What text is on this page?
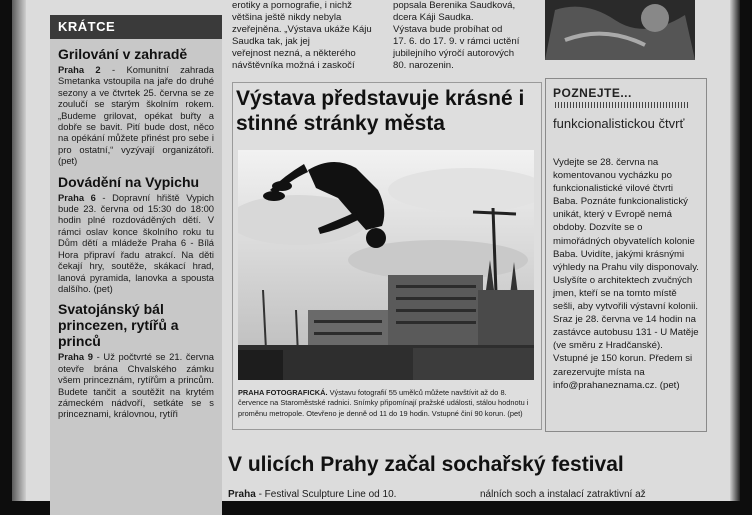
erotiky a pornografie, i nichž
většina ještě nikdy nebyla
zveřejněna. „Výstava ukáže Káju Saudka tak, jak jej
veřejnost nezná, a některého
návštěvníka možná i zaskočí
popsala Berenika Saudková,
dcera Káji Saudka.
Výstava bude probíhat od
17. 6. do 17. 9. v rámci uctění
jubilejního výročí autorových
80. narozenin.
KRÁTCE
Grilování v zahradě
Praha 2 - Komunitní zahrada Smetanka vstoupila na jaře do druhé sezony a ve čtvrtek 25. června se ze zoulučí se starým školním rokem. „Budeme grilovat, opékat buřty a dobře se bavit. Pití bude dost, něco na opékání můžete přinést pro sebe i pro ostatní,“ vyzývají organizátoři. (pet)
Dovádění na Vypichu
Praha 6 - Dopravní hřiště Vypich bude 23. června od 15:30 do 18:00 hodin plné rozdováděných dětí. V rámci oslav konce školního roku tu Dům dětí a mládeže Praha 6 - Bílá Hora připraví řadu atrakcí. Na děti čekají hry, soutěže, skákací hrad, lanová pyramida, lanovka a spousta dalšího. (pet)
Svatojánský bál princezen, rytířů a princů
Praha 9 - Už počtvrté se 21. června otevře brána Chvalského zámku všem princeznám, rytířům a princům. Budete tančit a soutěžit na krytém zámeckém nádvoří, setkáte se s princeznami, královnou, rytíři
Výstava představuje krásné i stinné stránky města
PRAHA FOTOGRAFICKÁ. Výstavu fotografií 55 umělců můžete navštívit až do 8. července na Staroměstské radnici. Snímky připomínají pražské události, stálou hodnotu i proměnu metropole. Otevřeno je denně od 11 do 19 hodin. Vstupné činí 90 korun. (pet)
POZNEJTE...
funkcionalistickou čtvrť
Vydejte se 28. června na komentovanou vycházku po funkcionalistické vilové čtvrti Baba. Poznáte funkcionalistický unikát, který v Evropě nemá obdoby. Dozvíte se o mimořádných obyvatelích kolonie Baba. Uvidíte, jakými krásnými výhledy na Prahu vily disponovaly. Uslyšíte o architektech zvučných jmen, kteří se na tomto místě sešli, aby vytvořili výstavní kolonii. Sraz je 28. června ve 14 hodin na zastávce autobusu 131 - U Matěje (ve směru z Hradčanské). Vstupné je 150 korun. Předem si zarezervujte místa na info@prahaneznama.cz. (pet)
V ulicích Prahy začal sochařský festival
Praha - Festival Sculpture Line od 10.	nálních soch a instalací zatraktivní až
